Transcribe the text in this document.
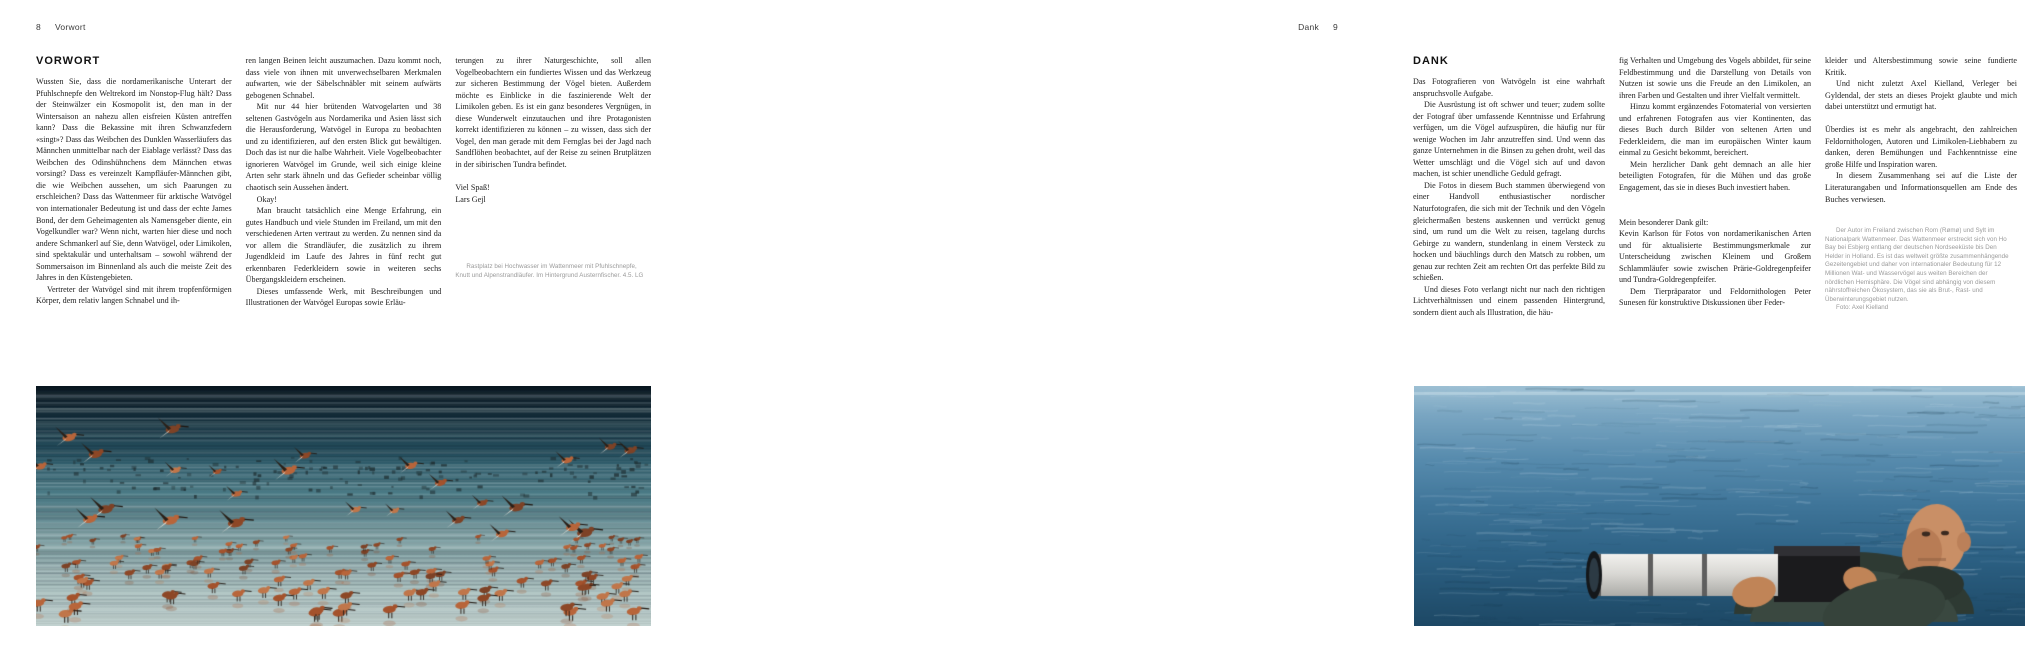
8 Vorwort
VORWORT

Wussten Sie, dass die nordamerikanische Unterart der Pfuhlschnepfe den Weltrekord im Nonstop-Flug hält? Dass der Steinwälzer ein Kosmopolit ist, den man in der Wintersaison an nahezu allen eisfreien Küsten antreffen kann? Dass die Bekassine mit ihren Schwanzfedern «singt»? Dass das Weibchen des Dunklen Wasserläufers das Männchen unmittelbar nach der Eiablage verlässt? Dass das Weibchen des Odinshühnchens dem Männchen etwas vorsingt? Dass es vereinzelt Kampfläufer-Männchen gibt, die wie Weibchen aussehen, um sich Paarungen zu erschleichen? Dass das Wattenmeer für arktische Watvögel von internationaler Bedeutung ist und dass der echte James Bond, der dem Geheimagenten als Namensgeber diente, ein Vogelkundler war? Wenn nicht, warten hier diese und noch andere Schmankerl auf Sie, denn Watvögel, oder Limikolen, sind spektakulär und unterhaltsam – sowohl während der Sommersaison im Binnenland als auch die meiste Zeit des Jahres in den Küstengebieten.

Vertreter der Watvögel sind mit ihrem tropfenförmigen Körper, dem relativ langen Schnabel und ih-

ren langen Beinen leicht auszumachen. Dazu kommt noch, dass viele von ihnen mit unverwechselbaren Merkmalen aufwarten, wie der Säbelschnäbler mit seinem aufwärts gebogenen Schnabel.

Mit nur 44 hier brütenden Watvogelarten und 38 seltenen Gastvögeln aus Nordamerika und Asien lässt sich die Herausforderung, Watvögel in Europa zu beobachten und zu identifizieren, auf den ersten Blick gut bewältigen. Doch das ist nur die halbe Wahrheit. Viele Vogelbeobachter ignorieren Watvögel im Grunde, weil sich einige kleine Arten sehr stark ähneln und das Gefieder scheinbar völlig chaotisch sein Aussehen ändert.

Okay!

Man braucht tatsächlich eine Menge Erfahrung, ein gutes Handbuch und viele Stunden im Freiland, um mit den verschiedenen Arten vertraut zu werden. Zu nennen sind da vor allem die Strandläufer, die zusätzlich zu ihrem Jugendkleid im Laufe des Jahres in fünf recht gut erkennbaren Federkleidern sowie in weiteren sechs Übergangskleidern erscheinen.

Dieses umfassende Werk, mit Beschreibungen und Illustrationen der Watvögel Europas sowie Erläu-

terungen zu ihrer Naturgeschichte, soll allen Vogelbeobachtern ein fundiertes Wissen und das Werkzeug zur sicheren Bestimmung der Vögel bieten. Außerdem möchte es Einblicke in die faszinierende Welt der Limikolen geben. Es ist ein ganz besonderes Vergnügen, in diese Wunderwelt einzutauchen und ihre Protagonisten korrekt identifizieren zu können – zu wissen, dass sich der Vogel, den man gerade mit dem Fernglas bei der Jagd nach Sandflöhen beobachtet, auf der Reise zu seinen Brutplätzen in der sibirischen Tundra befindet.

Viel Spaß!

Lars Gejl

Rastplatz bei Hochwasser im Wattenmeer mit Pfuhlschnepfe, Knutt und Alpenstrandläufer. Im Hintergrund Austernfischer. 4.5. LG

Dank 9
DANK

Das Fotografieren von Watvögeln ist eine wahrhaft anspruchsvolle Aufgabe.

Die Ausrüstung ist oft schwer und teuer; zudem sollte der Fotograf über umfassende Kenntnisse und Erfahrung verfügen, um die Vögel aufzuspüren, die häufig nur für wenige Wochen im Jahr anzutreffen sind. Und wenn das ganze Unternehmen in die Binsen zu gehen droht, weil das Wetter umschlägt und die Vögel sich auf und davon machen, ist schier unendliche Geduld gefragt.

Die Fotos in diesem Buch stammen überwiegend von einer Handvoll enthusiastischer nordischer Naturfotografen, die sich mit der Technik und den Vögeln gleichermaßen bestens auskennen und verrückt genug sind, um rund um die Welt zu reisen, tagelang durchs Gebirge zu wandern, stundenlang in einem Versteck zu hocken und bäuchlings durch den Matsch zu robben, um genau zur rechten Zeit am rechten Ort das perfekte Bild zu schießen.

Und dieses Foto verlangt nicht nur nach den richtigen Lichtverhältnissen und einem passenden Hintergrund, sondern dient auch als Illustration, die häu-

fig Verhalten und Umgebung des Vogels abbildet, für seine Feldbestimmung und die Darstellung von Details von Nutzen ist sowie uns die Freude an den Limikolen, an ihren Farben und Gestalten und ihrer Vielfalt vermittelt.

Hinzu kommt ergänzendes Fotomaterial von versierten und erfahrenen Fotografen aus vier Kontinenten, das dieses Buch durch Bilder von seltenen Arten und Federkleidern, die man im europäischen Winter kaum einmal zu Gesicht bekommt, bereichert.

Mein herzlicher Dank geht demnach an alle hier beteiligten Fotografen, für die Mühen und das große Engagement, das sie in dieses Buch investiert haben.

Mein besonderer Dank gilt:

Kevin Karlson für Fotos von nordamerikanischen Arten und für aktualisierte Bestimmungsmerkmale zur Unterscheidung zwischen Kleinem und Großem Schlammläufer sowie zwischen Prärie-Goldregenpfeifer und Tundra-Goldregenpfeifer.

Dem Tierpräparator und Feldornithologen Peter Sunesen für konstruktive Diskussionen über Feder-

kleider und Altersbestimmung sowie seine fundierte Kritik.

Und nicht zuletzt Axel Kielland, Verleger bei Gyldendal, der stets an dieses Projekt glaubte und mich dabei unterstützt und ermutigt hat.

Überdies ist es mehr als angebracht, den zahlreichen Feldornithologen, Autoren und Limikolen-Liebhabern zu danken, deren Bemühungen und Fachkenntnisse eine große Hilfe und Inspiration waren.

In diesem Zusammenhang sei auf die Liste der Literaturangaben und Informationsquellen am Ende des Buches verwiesen.

Der Autor im Freiland zwischen Rom (Rømø) und Sylt im Nationalpark Wattenmeer. Das Wattenmeer erstreckt sich von Ho Bay bei Esbjerg entlang der deutschen Nordseeküste bis Den Helder in Holland. Es ist das weltweit größte zusammenhängende Gezeitengebiet und daher von internationaler Bedeutung für 12 Millionen Wat- und Wasservögel aus weiten Bereichen der nördlichen Hemisphäre. Die Vögel sind abhängig von diesem nährstoffreichen Ökosystem, das sie als Brut-, Rast- und Überwinterungsgebiet nutzen.

Foto: Axel Kielland
